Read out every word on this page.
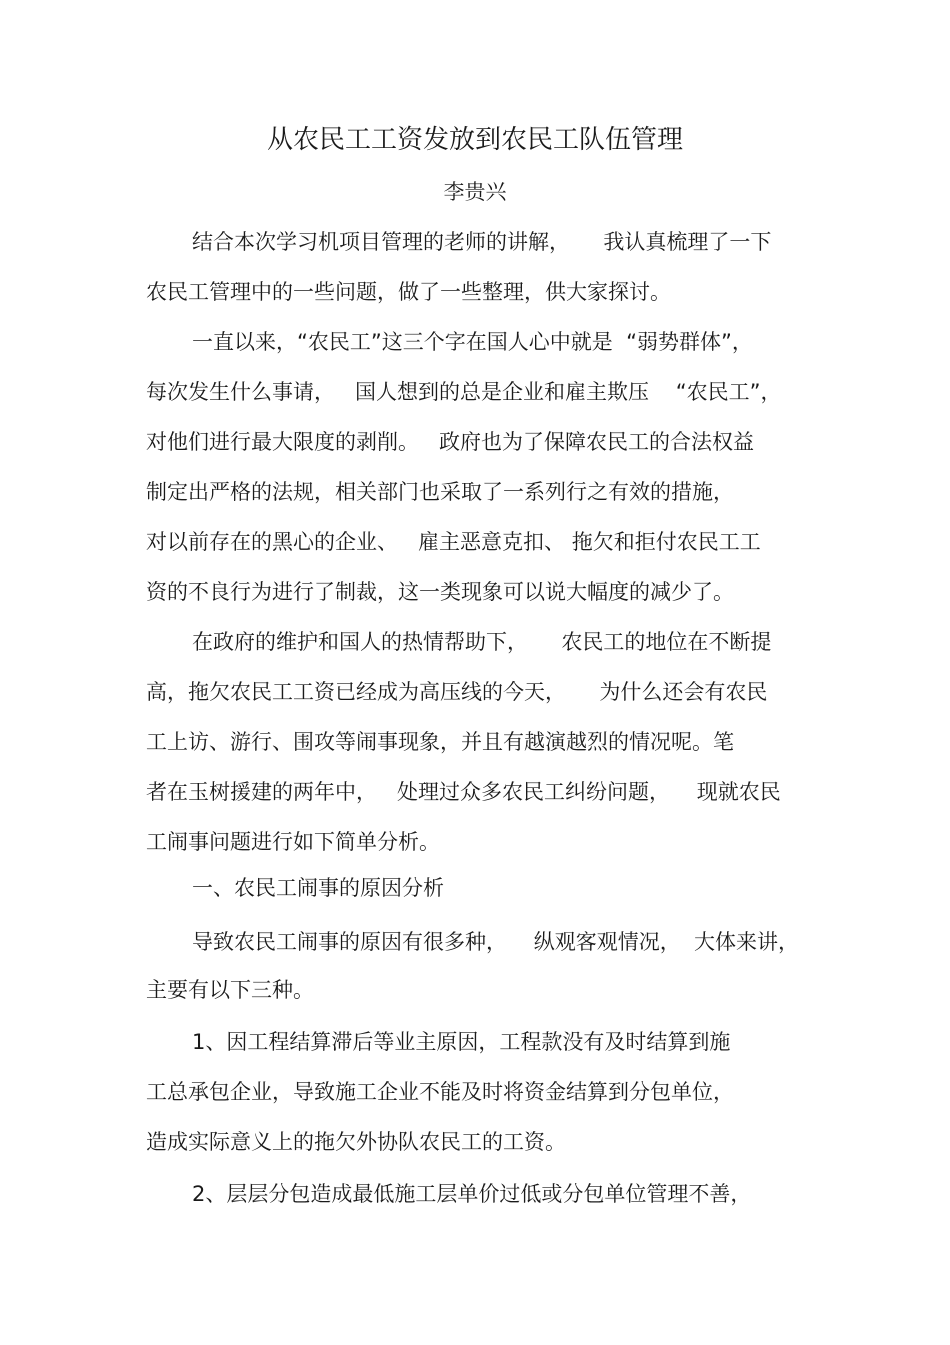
从农民工工资发放到农民工队伍管理
李贵兴
结合本次学习机项目管理的老师的讲解，     我认真梳理了一下
农民工管理中的一些问题，做了一些整理，供大家探讨。
一直以来，“农民工”这三个字在国人心中就是  “弱势群体”，
每次发生什么事请，   国人想到的总是企业和雇主欺压    “农民工”，
对他们进行最大限度的剥削。   政府也为了保障农民工的合法权益
制定出严格的法规，相关部门也采取了一系列行之有效的措施，
对以前存在的黑心的企业、   雇主恶意克扣、 拖欠和拒付农民工工
资的不良行为进行了制裁，这一类现象可以说大幅度的减少了。
在政府的维护和国人的热情帮助下，     农民工的地位在不断提
高，拖欠农民工工资已经成为高压线的今天，     为什么还会有农民
工上访、游行、围攻等闹事现象，并且有越演越烈的情况呢。笔
者在玉树援建的两年中，   处理过众多农民工纠纷问题，    现就农民
工闹事问题进行如下简单分析。
一、农民工闹事的原因分析
导致农民工闹事的原因有很多种，    纵观客观情况，  大体来讲，
主要有以下三种。
1、因工程结算滞后等业主原因，工程款没有及时结算到施
工总承包企业，导致施工企业不能及时将资金结算到分包单位，
造成实际意义上的拖欠外协队农民工的工资。
2、层层分包造成最低施工层单价过低或分包单位管理不善，
